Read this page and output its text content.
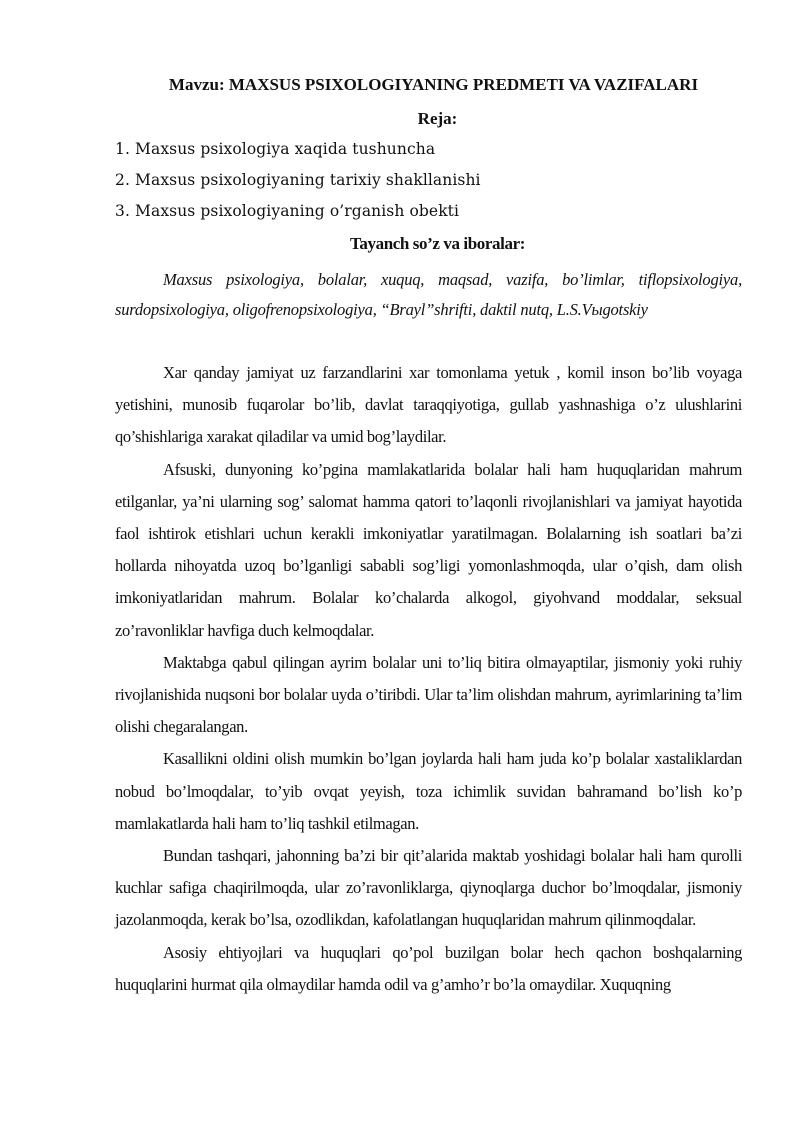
Mavzu: MAXSUS PSIXOLOGIYANING PREDMETI VA VAZIFALARI

Reja:

1. Maxsus psixologiya xaqida tushuncha
2. Maxsus psixologiyaning tarixiy shakllanishi
3. Maxsus psixologiyaning o’rganish obekti

Tayanch so’z va iboralar:

Maxsus psixologiya, bolalar, xuquq, maqsad, vazifa, bo’limlar, tiflopsixologiya, surdopsixologiya, oligofrenopsixologiya, “Brayl”shrifti, daktil nutq, L.S.Vыgotskiy

Xar qanday jamiyat uz farzandlarini xar tomonlama yetuk , komil inson bo’lib voyaga yetishini, munosib fuqarolar bo’lib, davlat taraqqiyotiga, gullab yashnashiga o’z ulushlarini qo’shishlariga xarakat qiladilar va umid bog’laydilar.

Afsuski, dunyoning ko’pgina mamlakatlarida bolalar hali ham huquqlaridan mahrum etilganlar, ya’ni ularning sog’ salomat hamma qatori to’laqonli rivojlanishlari va jamiyat hayotida faol ishtirok etishlari uchun kerakli imkoniyatlar yaratilmagan. Bolalarning ish soatlari ba’zi hollarda nihoyatda uzoq bo’lganligi sababli sog’ligi yomonlashmoqda, ular o’qish, dam olish imkoniyatlaridan mahrum. Bolalar ko’chalarda alkogol, giyohvand moddalar, seksual zo’ravonliklar havfiga duch kelmoqdalar.

Maktabga qabul qilingan ayrim bolalar uni to’liq bitira olmayaptilar, jismoniy yoki ruhiy rivojlanishida nuqsoni bor bolalar uyda o’tiribdi. Ular ta’lim olishdan mahrum, ayrimlarining ta’lim olishi chegaralangan.

Kasallikni oldini olish mumkin bo’lgan joylarda hali ham juda ko’p bolalar xastaliklardan nobud bo’lmoqdalar, to’yib ovqat yeyish, toza ichimlik suvidan bahramand bo’lish ko’p mamlakatlarda hali ham to’liq tashkil etilmagan.

Bundan tashqari, jahonning ba’zi bir qit’alarida maktab yoshidagi bolalar hali ham qurolli kuchlar safiga chaqirilmoqda, ular zo’ravonliklarga, qiynoqlarga duchor bo’lmoqdalar, jismoniy jazolanmoqda, kerak bo’lsa, ozodlikdan, kafolatlangan huquqlaridan mahrum qilinmoqdalar.

Asosiy ehtiyojlari va huquqlari qo’pol buzilgan bolar hech qachon boshqalarning huquqlarini hurmat qila olmaydilar hamda odil va g’amho’r bo’la omaydilar. Xuquqning
